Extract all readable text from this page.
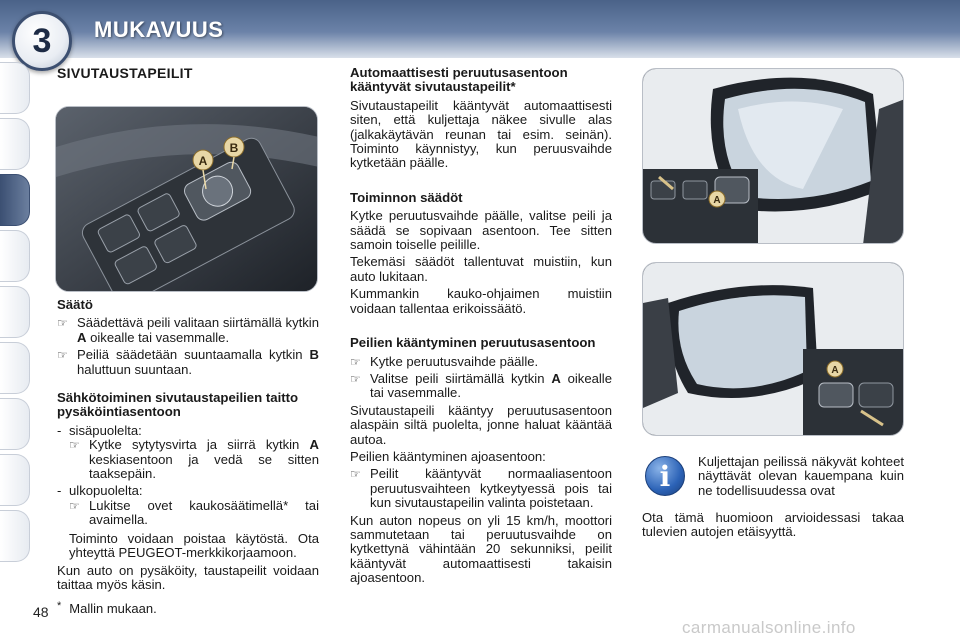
3	MUKAVUUS
SIVUTAUSTAPEILIT
A
B
Säätö
☞ Säädettävä peili valitaan siirtämällä kytkin A oikealle tai vasemmalle.
☞ Peiliä säädetään suuntaamalla kytkin B haluttuun suuntaan.
Sähkötoiminen sivutaustapeilien taitto pysäköintiasentoon
- sisäpuolelta:
☞ Kytke sytytysvirta ja siirrä kytkin A keskiasentoon ja vedä se sitten taaksepäin.
- ulkopuolelta:
☞ Lukitse ovet kaukosäätimellä* tai avaimella.

Toiminto voidaan poistaa käytöstä. Ota yhteyttä PEUGEOT-merkkikorjaamoon.

Kun auto on pysäköity, taustapeilit voidaan taittaa myös käsin.

Automaattisesti peruutusasentoon kääntyvät sivutaustapeilit*

Sivutaustapeilit kääntyvät automaattisesti siten, että kuljettaja näkee sivulle alas (jalkakäytävän reunan tai esim. seinän). Toiminto käynnistyy, kun peruusvaihde kytketään päälle.

Toiminnon säädöt

Kytke peruutusvaihde päälle, valitse peili ja säädä se sopivaan asentoon. Tee sitten samoin toiselle peilille.

Tekemäsi säädöt tallentuvat muistiin, kun auto lukitaan.

Kummankin kauko-ohjaimen muistiin voidaan tallentaa erikoissäätö.

Peilien kääntyminen peruutusasentoon
☞ Kytke peruutusvaihde päälle.
☞ Valitse peili siirtämällä kytkin A oikealle tai vasemmalle.

Sivutaustapeili kääntyy peruutusasentoon alaspäin siltä puolelta, jonne haluat kääntää autoa.

Peilien kääntyminen ajoasentoon:

☞ Peilit kääntyvät normaaliasentoon peruutusvaihteen kytkeytyessä pois tai kun sivutaustapeilin valinta poistetaan.

Kun auton nopeus on yli 15 km/h, moottori sammutetaan tai peruutusvaihde on kytkettynä vähintään 20 sekunniksi, peilit kääntyvät automaattisesti takaisin ajoasentoon.

A
A
i	Kuljettajan peilissä näkyvät kohteet näyttävät olevan kauempana kuin ne todellisuudessa ovat
Ota tämä huomioon arvioidessasi takaa tulevien autojen etäisyyttä.
48 * Mallin mukaan.
carmanualsonline.info
